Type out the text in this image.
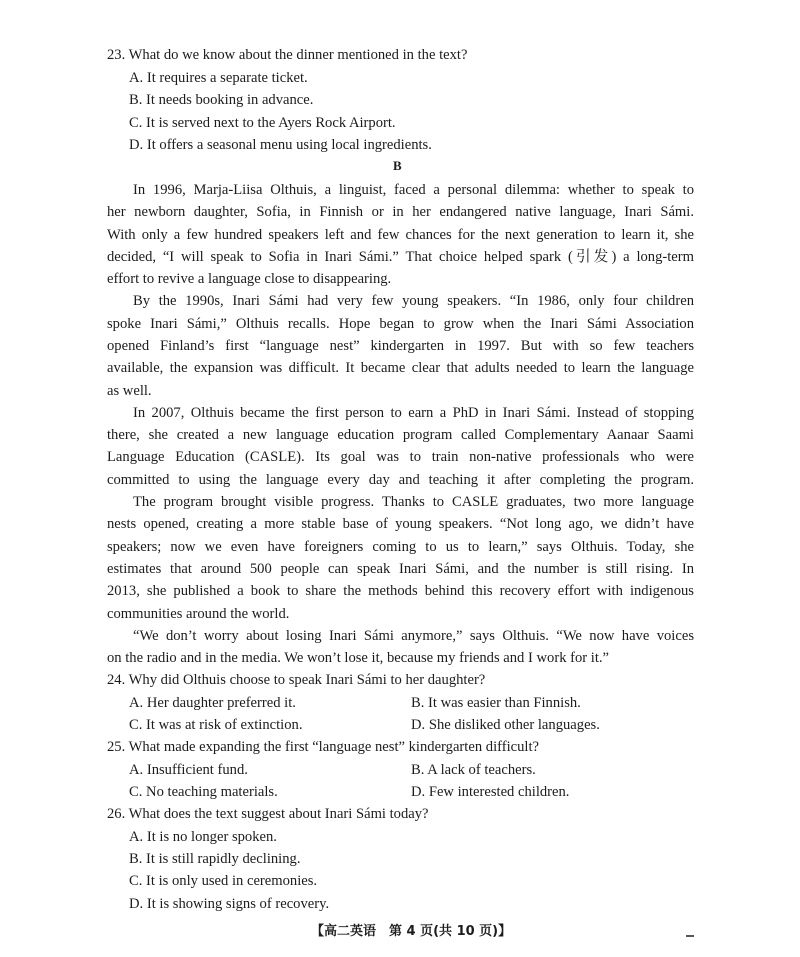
23. What do we know about the dinner mentioned in the text?
A. It requires a separate ticket.
B. It needs booking in advance.
C. It is served next to the Ayers Rock Airport.
D. It offers a seasonal menu using local ingredients.
B
In 1996, Marja-Liisa Olthuis, a linguist, faced a personal dilemma: whether to speak to
her newborn daughter, Sofia, in Finnish or in her endangered native language, Inari Sámi.
With only a few hundred speakers left and few chances for the next generation to learn it, she
decided, “I will speak to Sofia in Inari Sámi.” That choice helped spark (引发) a long-term
effort to revive a language close to disappearing.
By the 1990s, Inari Sámi had very few young speakers. “In 1986, only four children
spoke Inari Sámi,” Olthuis recalls. Hope began to grow when the Inari Sámi Association
opened Finland’s first “language nest” kindergarten in 1997. But with so few teachers
available, the expansion was difficult. It became clear that adults needed to learn the language
as well.
In 2007, Olthuis became the first person to earn a PhD in Inari Sámi. Instead of stopping
there, she created a new language education program called Complementary Aanaar Saami
Language Education (CASLE). Its goal was to train non-native professionals who were
committed to using the language every day and teaching it after completing the program.
The program brought visible progress. Thanks to CASLE graduates, two more language
nests opened, creating a more stable base of young speakers. “Not long ago, we didn’t have
speakers; now we even have foreigners coming to us to learn,” says Olthuis. Today, she
estimates that around 500 people can speak Inari Sámi, and the number is still rising. In
2013, she published a book to share the methods behind this recovery effort with indigenous
communities around the world.
“We don’t worry about losing Inari Sámi anymore,” says Olthuis. “We now have voices
on the radio and in the media. We won’t lose it, because my friends and I work for it.”
24. Why did Olthuis choose to speak Inari Sámi to her daughter?
A. Her daughter preferred it.	B. It was easier than Finnish.
C. It was at risk of extinction.	D. She disliked other languages.
25. What made expanding the first “language nest” kindergarten difficult?
A. Insufficient fund.	B. A lack of teachers.
C. No teaching materials.	D. Few interested children.
26. What does the text suggest about Inari Sámi today?
A. It is no longer spoken.
B. It is still rapidly declining.
C. It is only used in ceremonies.
D. It is showing signs of recovery.
【高二英语　第 4 页(共 10 页)】
